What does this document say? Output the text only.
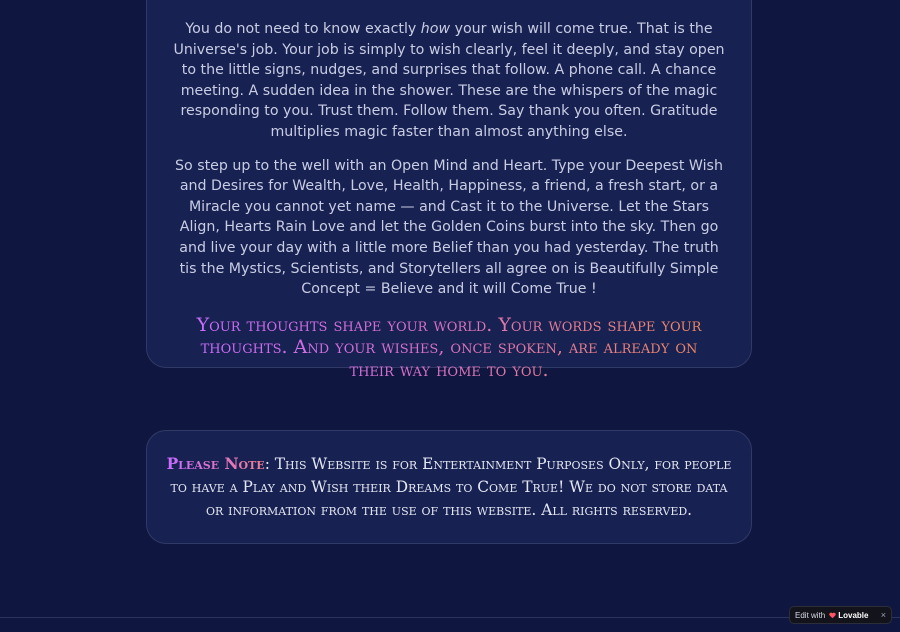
You do not need to know exactly how your wish will come true. That is the Universe's job. Your job is simply to wish clearly, feel it deeply, and stay open to the little signs, nudges, and surprises that follow. A phone call. A chance meeting. A sudden idea in the shower. These are the whispers of the magic responding to you. Trust them. Follow them. Say thank you often. Gratitude multiplies magic faster than almost anything else.

So step up to the well with an Open Mind and Heart. Type your Deepest Wish and Desires for Wealth, Love, Health, Happiness, a friend, a fresh start, or a Miracle you cannot yet name — and Cast it to the Universe. Let the Stars Align, Hearts Rain Love and let the Golden Coins burst into the sky. Then go and live your day with a little more Belief than you had yesterday. The truth tis the Mystics, Scientists, and Storytellers all agree on is Beautifully Simple Concept = Believe and it will Come True !

Your thoughts shape your world. Your words shape your thoughts. And your wishes, once spoken, are already on their way home to you.

Please Note: This Website is for Entertainment Purposes Only, for people to have a Play and Wish their Dreams to Come True! We do not store data or information from the use of this website. All rights reserved.

Edit with Lovable ×
